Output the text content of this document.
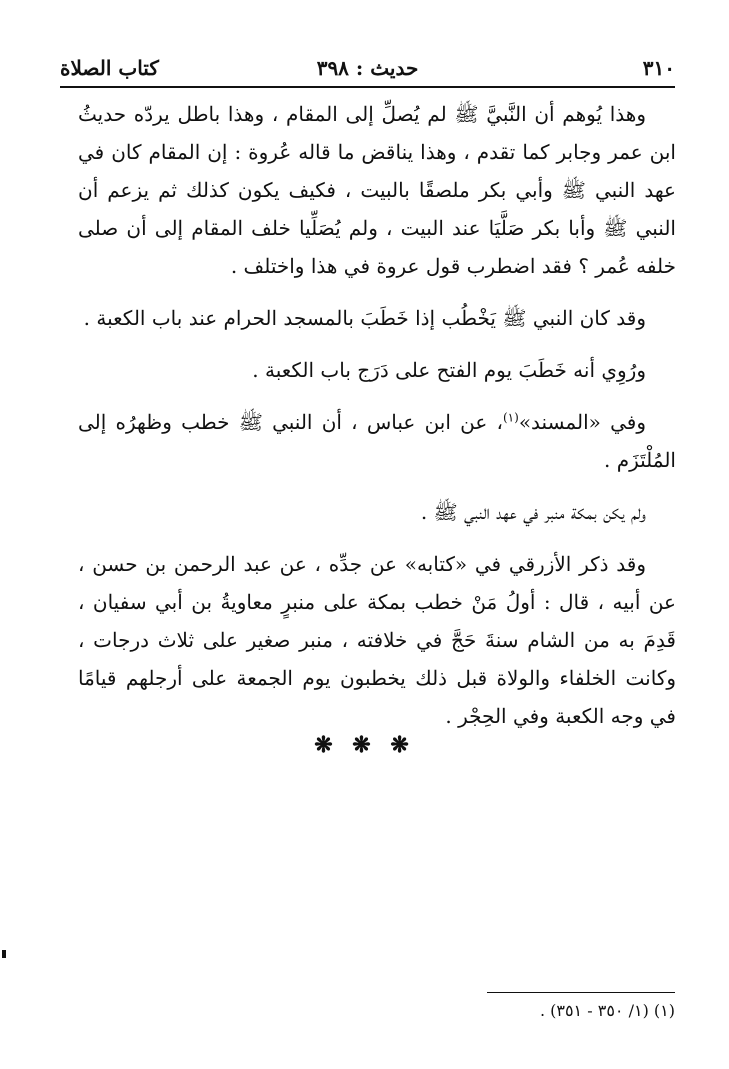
٣١٠
حديث : ٣٩٨
كتاب الصلاة

وهذا يُوهم أن النَّبيَّ ﷺ لم يُصلِّ إلى المقام ، وهذا باطل يردّه حديثُ ابن عمر وجابر كما تقدم ، وهذا يناقض ما قاله عُروة : إن المقام كان في عهد النبي ﷺ وأبي بكر ملصقًا بالبيت ، فكيف يكون كذلك ثم يزعم أن النبي ﷺ وأبا بكر صَلَّيَا عند البيت ، ولم يُصَلِّيا خلف المقام إلى أن صلى خلفه عُمر ؟ فقد اضطرب قول عروة في هذا واختلف .

وقد كان النبي ﷺ يَخْطُب إذا خَطَبَ بالمسجد الحرام عند باب الكعبة .

ورُوِي أنه خَطَبَ يوم الفتح على دَرَج باب الكعبة .

وفي «المسند»$^{(١)}$، عن ابن عباس ، أن النبي ﷺ خطب وظهرُه إلى المُلْتَزَم .

ولم يكن بمكة منبر في عهد النبي ﷺ .

وقد ذكر الأزرقي في «كتابه» عن جدِّه ، عن عبد الرحمن بن حسن ، عن أبيه ، قال : أولُ مَنْ خطب بمكة على منبرٍ معاويةُ بن أبي سفيان ، قَدِمَ به من الشام سنةَ حَجَّ في خلافته ، منبر صغير على ثلاث درجات ، وكانت الخلفاء والولاة قبل ذلك يخطبون يوم الجمعة على أرجلهم قيامًا في وجه الكعبة وفي الحِجْر .

❋ ❋ ❋
(١) (١/ ٣٥٠ - ٣٥١) .
